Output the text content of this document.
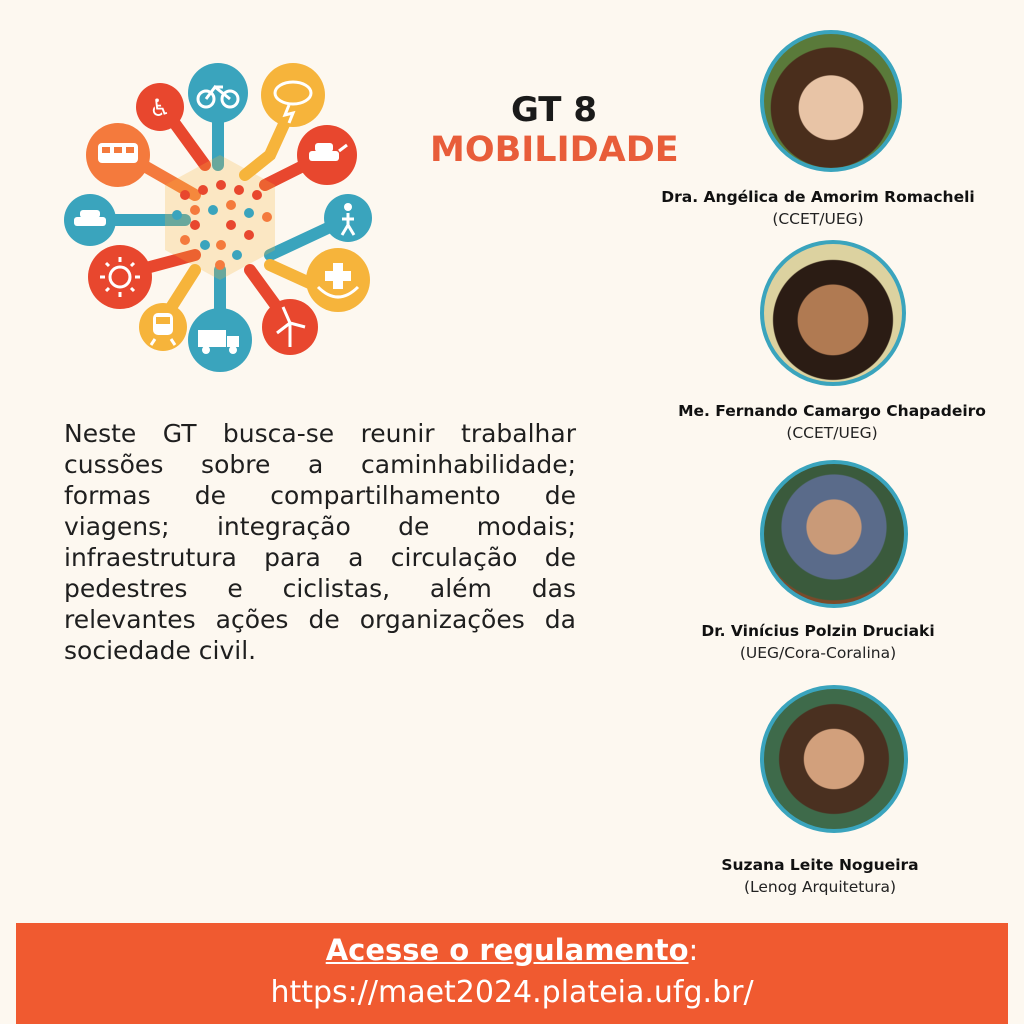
♿	GT 8
MOBILIDADE
Neste GT busca-se reunir trabalhar cussões sobre a caminhabilidade; formas de compartilhamento de viagens; integração de modais; infraestrutura para a circulação de pedestres e ciclistas, além das relevantes ações de organizações da sociedade civil.
Dra. Angélica de Amorim Romacheli
(CCET/UEG)
Me. Fernando Camargo Chapadeiro
(CCET/UEG)
Dr. Vinícius Polzin Druciaki
(UEG/Cora-Coralina)
Suzana Leite Nogueira
(Lenog Arquitetura)
Acesse o regulamento:
https://maet2024.plateia.ufg.br/
